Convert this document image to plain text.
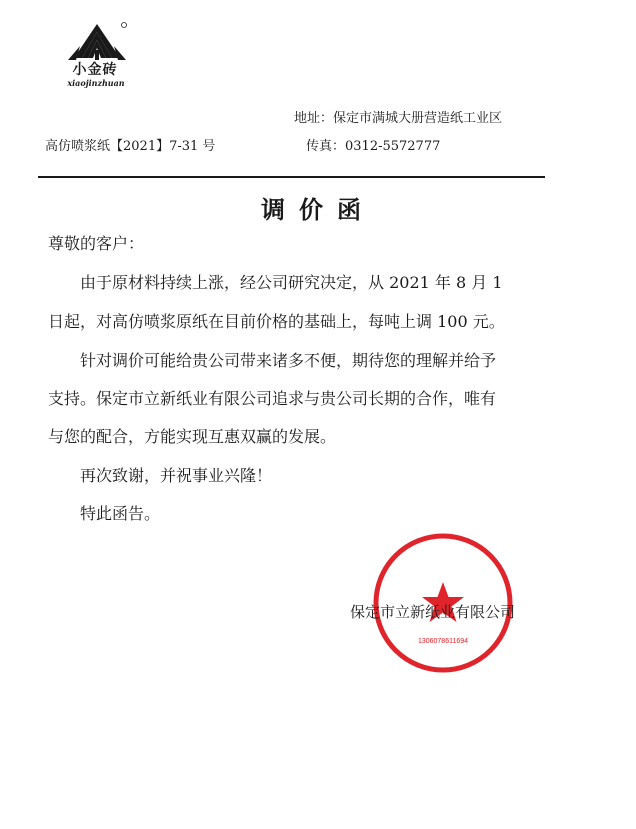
小金砖
xiaojinzhuan
地址：保定市满城大册营造纸工业区
高仿喷浆纸【2021】7-31 号	传真：0312-5572777
调价函
尊敬的客户：
由于原材料持续上涨，经公司研究决定，从 2021 年 8 月 1
日起，对高仿喷浆原纸在目前价格的基础上，每吨上调 100 元。
针对调价可能给贵公司带来诸多不便，期待您的理解并给予
支持。保定市立新纸业有限公司追求与贵公司长期的合作，唯有
与您的配合，方能实现互惠双赢的发展。
再次致谢，并祝事业兴隆！
特此函告。
1306078611694
保定市立新纸业有限公司
